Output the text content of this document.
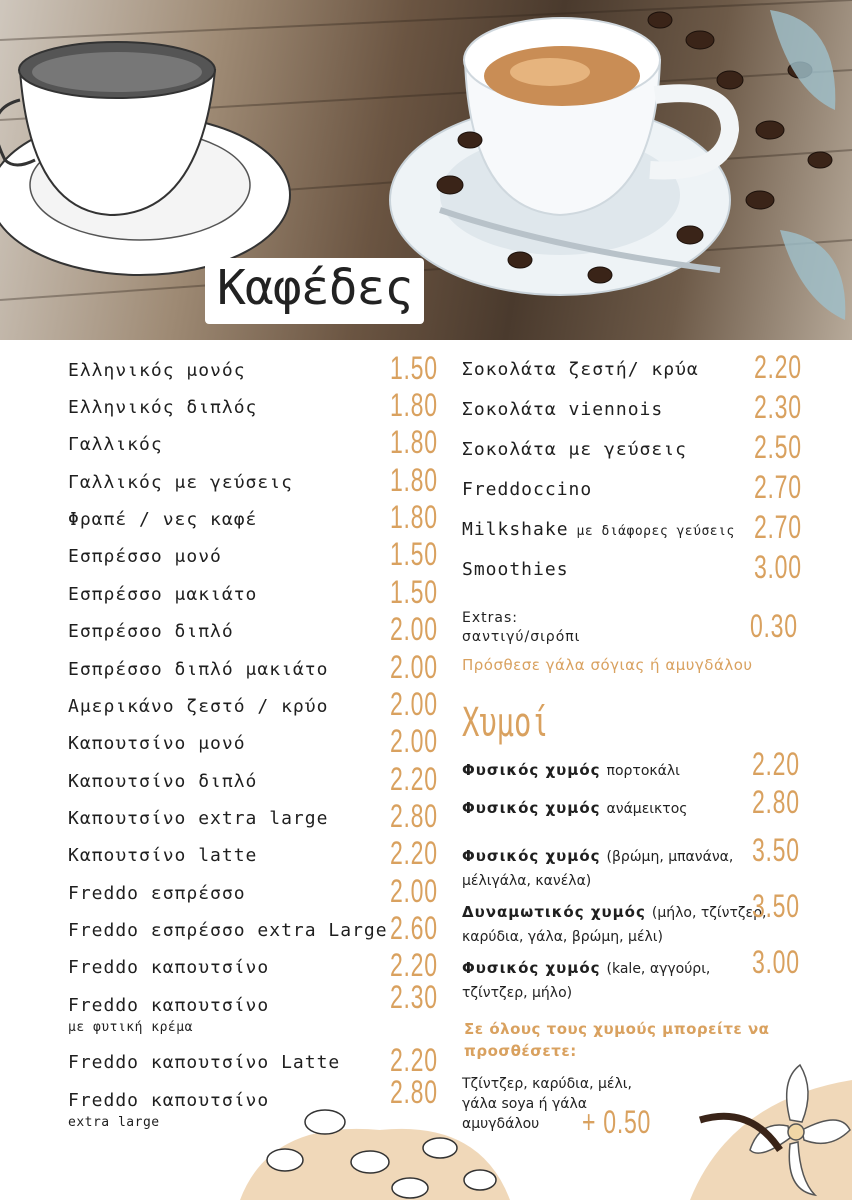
Καφέδες
Ελληνικός μονός	1.50
Ελληνικός διπλός	1.80
Γαλλικός	1.80
Γαλλικός με γεύσεις	1.80
Φραπέ / νες καφέ	1.80
Εσπρέσσο μονό	1.50
Εσπρέσσο μακιάτο	1.50
Εσπρέσσο διπλό	2.00
Εσπρέσσο διπλό μακιάτο	2.00
Αμερικάνο ζεστό / κρύο	2.00
Καπουτσίνο μονό	2.00
Καπουτσίνο διπλό	2.20
Καπουτσίνο extra large	2.80
Καπουτσίνο latte	2.20
Freddo εσπρέσσο	2.00
Freddo εσπρέσσο extra Large 2.60
Freddo καπουτσίνο	2.20
Freddo καπουτσίνο
με φυτική κρέμα
2.30
Freddo καπουτσίνο Latte	2.20
Freddo καπουτσίνο
extra large
2.80
Σοκολάτα ζεστή/ κρύα 2.20
Σοκολάτα viennois	2.30
Σοκολάτα με γεύσεις 2.50
Freddoccino	2.70
Milkshake με διάφορες γεύσεις 2.70
Smoothies	3.00
Extras:
σαντιγύ/σιρόπι	0.30
Πρόσθεσε γάλα σόγιας ή αμυγδάλου
Χυμοί
Φυσικός χυμός πορτοκάλι	2.20
Φυσικός χυμός ανάμεικτος	2.80
Φυσικός χυμός (βρώμη, μπανάνα,
μέλιγάλα, κανέλα)
3.50
Δυναμωτικός χυμός (μήλο, τζίντζερ,
καρύδια, γάλα, βρώμη, μέλι)
3.50
Φυσικός χυμός (kale, αγγούρι,
τζίντζερ, μήλο)
3.00
Σε όλους τους χυμούς μπορείτε να
προσθέσετε:
Τζίντζερ, καρύδια, μέλι,
γάλα soya ή γάλα
αμυγδάλου + 0.50
